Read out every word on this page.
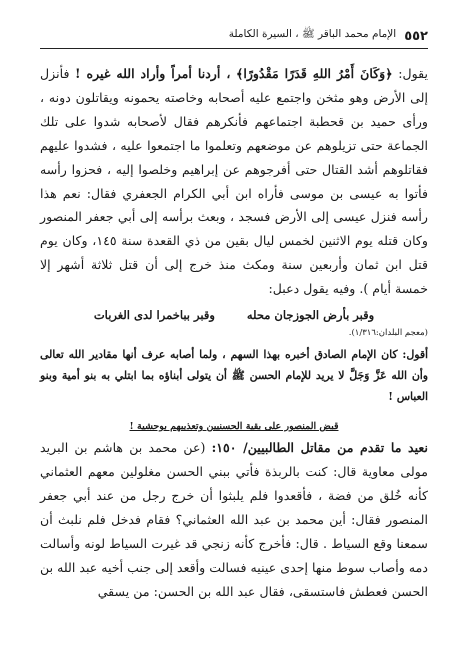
٥٥٢
الإمام محمد الباقر ﷺ ، السيرة الكاملة

يقول: ﴿وَكَانَ أَمْرُ اللهِ قَدَرًا مَقْدُورًا﴾ ، أردنا أمراً وأراد الله غيره ! فأنزل إلى الأرض وهو مثخن واجتمع عليه أصحابه وخاصته يحمونه ويقاتلون دونه ، ورأى حميد بن قحطبة اجتماعهم فأنكرهم فقال لأصحابه شدوا على تلك الجماعة حتى تزيلوهم عن موضعهم وتعلموا ما اجتمعوا عليه ، فشدوا عليهم فقاتلوهم أشد القتال حتى أفرجوهم عن إبراهيم وخلصوا إليه ، فحزوا رأسه فأتوا به عيسى بن موسى فأراه ابن أبي الكرام الجعفري فقال: نعم هذا رأسه فنزل عيسى إلى الأرض فسجد ، وبعث برأسه إلى أبي جعفر المنصور وكان قتله يوم الاثنين لخمس ليال بقين من ذي القعدة سنة ١٤٥، وكان يوم قتل ابن ثمان وأربعين سنة ومكث منذ خرج إلى أن قتل ثلاثة أشهر إلا خمسة أيام ). وفيه يقول دعبل:

وقبر بأرض الجوزجان محله
وقبر بباخمرا لدى الغربات
(معجم البلدان:١/٣١٦).

أقول: كان الإمام الصادق أخبره بهذا السهم ، ولما أصابه عرف أنها مقادير الله تعالى وأن الله عَزَّ وَجَلَّ لا يريد للإمام الحسن ﷺ أن يتولى أبناؤه بما ابتلي به بنو أمية وبنو العباس !

قبض المنصور على بقية الحسنيين وتعذيبهم بوحشية !

نعيد ما تقدم من مقاتل الطالبيين/ ١٥٠: (عن محمد بن هاشم بن البريد مولى معاوية قال: كنت بالربذة فأتي ببني الحسن مغلولين معهم العثماني كأنه خُلق من فضة ، فأقعدوا فلم يلبثوا أن خرج رجل من عند أبي جعفر المنصور فقال: أين محمد بن عبد الله العثماني؟ فقام فدخل فلم نلبث أن سمعنا وقع السياط . قال: فأخرج كأنه زنجي قد غيرت السياط لونه وأسالت دمه وأصاب سوط منها إحدى عينيه فسالت وأقعد إلى جنب أخيه عبد الله بن الحسن فعطش فاستسقى، فقال عبد الله بن الحسن: من يسقي
